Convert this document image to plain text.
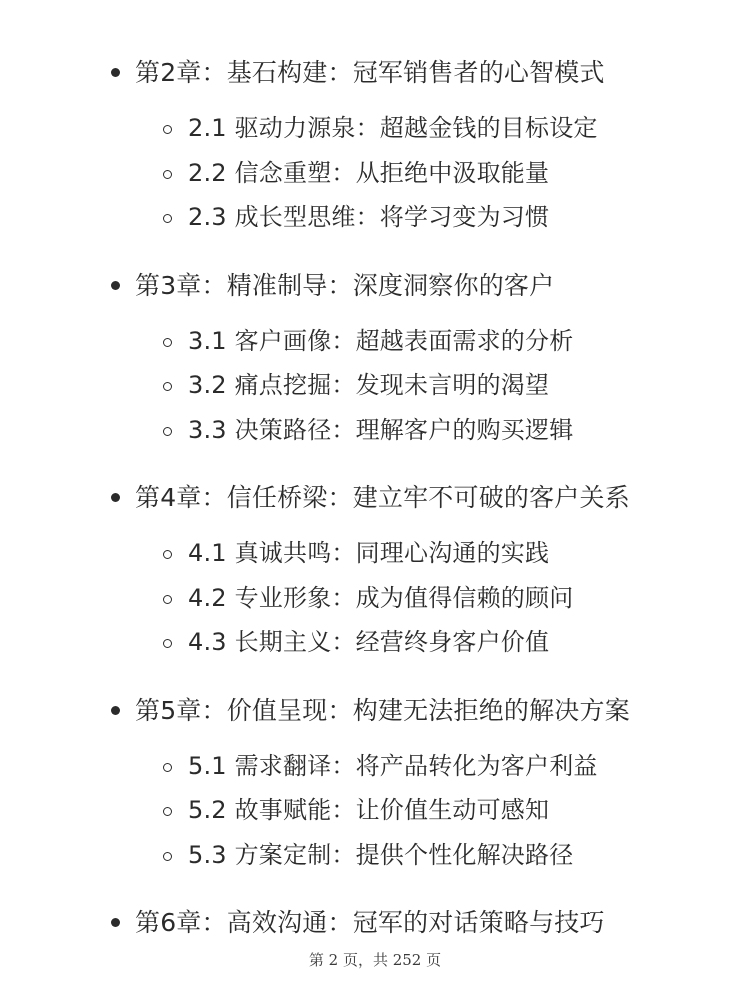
第2章：基石构建：冠军销售者的心智模式
2.1 驱动力源泉：超越金钱的目标设定
2.2 信念重塑：从拒绝中汲取能量
2.3 成长型思维：将学习变为习惯
第3章：精准制导：深度洞察你的客户
3.1 客户画像：超越表面需求的分析
3.2 痛点挖掘：发现未言明的渴望
3.3 决策路径：理解客户的购买逻辑
第4章：信任桥梁：建立牢不可破的客户关系
4.1 真诚共鸣：同理心沟通的实践
4.2 专业形象：成为值得信赖的顾问
4.3 长期主义：经营终身客户价值
第5章：价值呈现：构建无法拒绝的解决方案
5.1 需求翻译：将产品转化为客户利益
5.2 故事赋能：让价值生动可感知
5.3 方案定制：提供个性化解决路径
第6章：高效沟通：冠军的对话策略与技巧
第 2 页，共 252 页
